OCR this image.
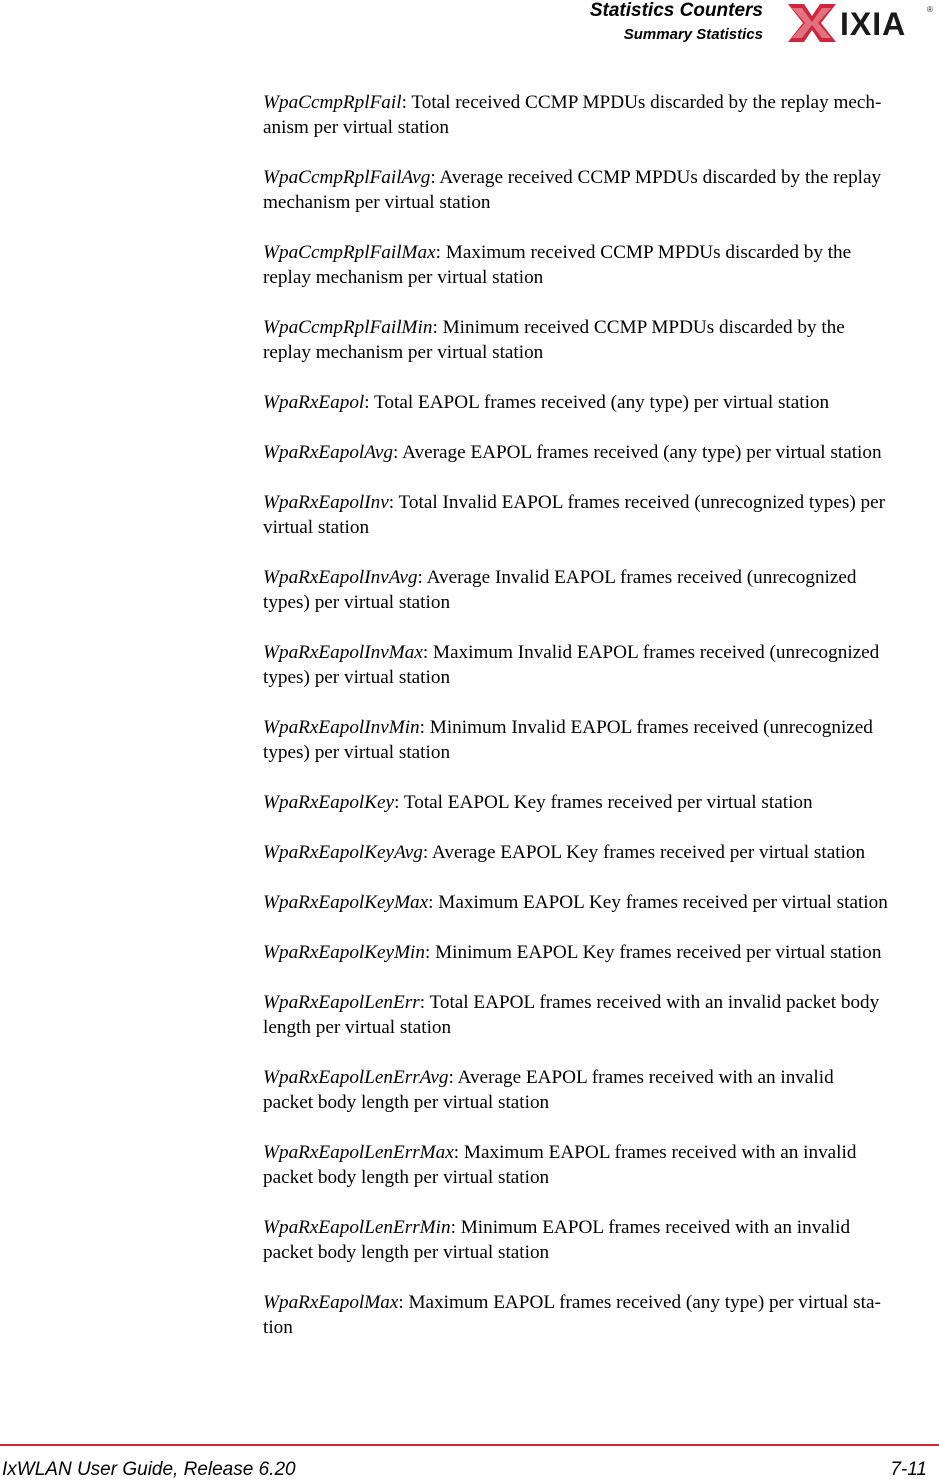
Statistics Counters
Summary Statistics IXIA	®

WpaCcmpRplFail: Total received CCMP MPDUs discarded by the replay mech-
anism per virtual station

WpaCcmpRplFailAvg: Average received CCMP MPDUs discarded by the replay
mechanism per virtual station

WpaCcmpRplFailMax: Maximum received CCMP MPDUs discarded by the
replay mechanism per virtual station

WpaCcmpRplFailMin: Minimum received CCMP MPDUs discarded by the
replay mechanism per virtual station

WpaRxEapol: Total EAPOL frames received (any type) per virtual station

WpaRxEapolAvg: Average EAPOL frames received (any type) per virtual station

WpaRxEapolInv: Total Invalid EAPOL frames received (unrecognized types) per
virtual station

WpaRxEapolInvAvg: Average Invalid EAPOL frames received (unrecognized
types) per virtual station

WpaRxEapolInvMax: Maximum Invalid EAPOL frames received (unrecognized
types) per virtual station

WpaRxEapolInvMin: Minimum Invalid EAPOL frames received (unrecognized
types) per virtual station

WpaRxEapolKey: Total EAPOL Key frames received per virtual station

WpaRxEapolKeyAvg: Average EAPOL Key frames received per virtual station

WpaRxEapolKeyMax: Maximum EAPOL Key frames received per virtual station

WpaRxEapolKeyMin: Minimum EAPOL Key frames received per virtual station

WpaRxEapolLenErr: Total EAPOL frames received with an invalid packet body
length per virtual station

WpaRxEapolLenErrAvg: Average EAPOL frames received with an invalid
packet body length per virtual station

WpaRxEapolLenErrMax: Maximum EAPOL frames received with an invalid
packet body length per virtual station

WpaRxEapolLenErrMin: Minimum EAPOL frames received with an invalid
packet body length per virtual station

WpaRxEapolMax: Maximum EAPOL frames received (any type) per virtual sta-
tion

IxWLAN User Guide, Release 6.20	7-11
